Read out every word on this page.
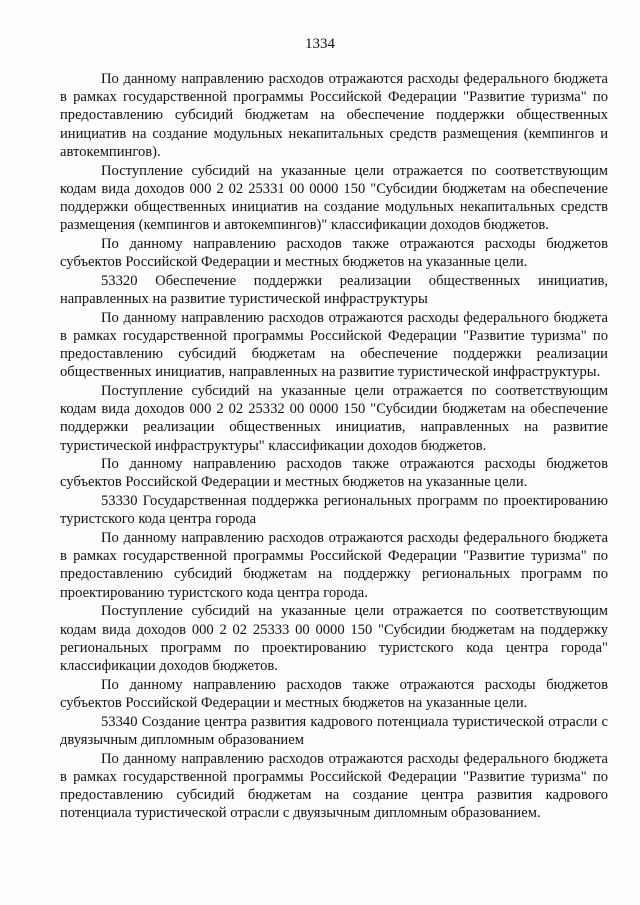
1334

По данному направлению расходов отражаются расходы федерального бюджета в рамках государственной программы Российской Федерации "Развитие туризма" по предоставлению субсидий бюджетам на обеспечение поддержки общественных инициатив на создание модульных некапитальных средств размещения (кемпингов и автокемпингов).

Поступление субсидий на указанные цели отражается по соответствующим кодам вида доходов 000 2 02 25331 00 0000 150 "Субсидии бюджетам на обеспечение поддержки общественных инициатив на создание модульных некапитальных средств размещения (кемпингов и автокемпингов)" классификации доходов бюджетов.

По данному направлению расходов также отражаются расходы бюджетов субъектов Российской Федерации и местных бюджетов на указанные цели.

53320 Обеспечение поддержки реализации общественных инициатив, направленных на развитие туристической инфраструктуры

По данному направлению расходов отражаются расходы федерального бюджета в рамках государственной программы Российской Федерации "Развитие туризма" по предоставлению субсидий бюджетам на обеспечение поддержки реализации общественных инициатив, направленных на развитие туристической инфраструктуры.

Поступление субсидий на указанные цели отражается по соответствующим кодам вида доходов 000 2 02 25332 00 0000 150 "Субсидии бюджетам на обеспечение поддержки реализации общественных инициатив, направленных на развитие туристической инфраструктуры" классификации доходов бюджетов.

По данному направлению расходов также отражаются расходы бюджетов субъектов Российской Федерации и местных бюджетов на указанные цели.

53330 Государственная поддержка региональных программ по проектированию туристского кода центра города

По данному направлению расходов отражаются расходы федерального бюджета в рамках государственной программы Российской Федерации "Развитие туризма" по предоставлению субсидий бюджетам на поддержку региональных программ по проектированию туристского кода центра города.

Поступление субсидий на указанные цели отражается по соответствующим кодам вида доходов 000 2 02 25333 00 0000 150 "Субсидии бюджетам на поддержку региональных программ по проектированию туристского кода центра города" классификации доходов бюджетов.

По данному направлению расходов также отражаются расходы бюджетов субъектов Российской Федерации и местных бюджетов на указанные цели.

53340 Создание центра развития кадрового потенциала туристической отрасли с двуязычным дипломным образованием

По данному направлению расходов отражаются расходы федерального бюджета в рамках государственной программы Российской Федерации "Развитие туризма" по предоставлению субсидий бюджетам на создание центра развития кадрового потенциала туристической отрасли с двуязычным дипломным образованием.
